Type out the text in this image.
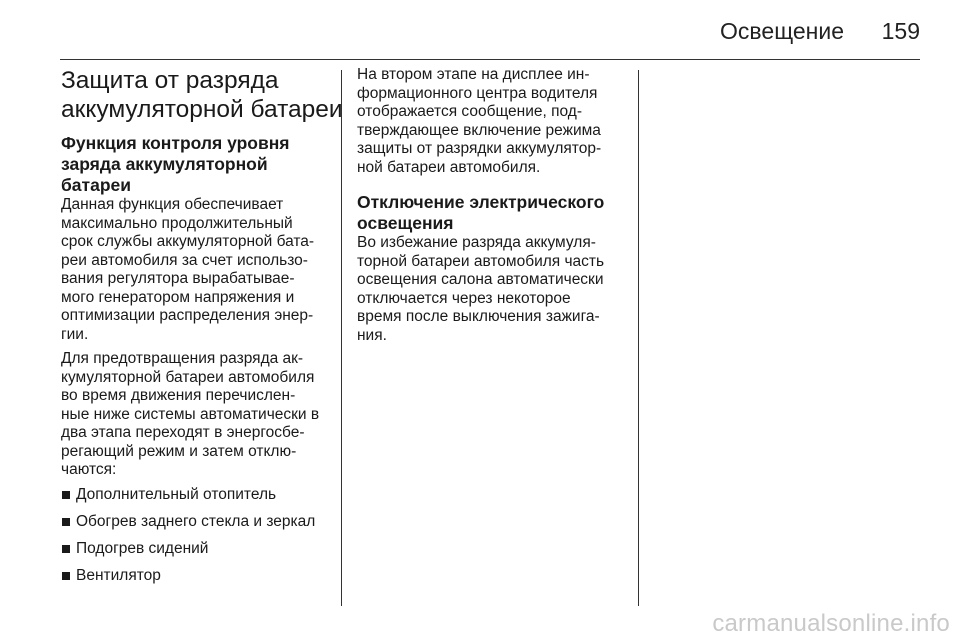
Освещение 159
Защита от разряда
аккумуляторной батареи
Функция контроля уровня
заряда аккумуляторной
батареи
Данная функция обеспечивает
максимально продолжительный
срок службы аккумуляторной бата-
реи автомобиля за счет использо-
вания регулятора вырабатывае-
мого генератором напряжения и
оптимизации распределения энер-
гии.
Для предотвращения разряда ак-
кумуляторной батареи автомобиля
во время движения перечислен-
ные ниже системы автоматически в
два этапа переходят в энергосбе-
регающий режим и затем отклю-
чаются:
Дополнительный отопитель
Обогрев заднего стекла и зеркал
Подогрев сидений
Вентилятор
На втором этапе на дисплее ин-
формационного центра водителя
отображается сообщение, под-
тверждающее включение режима
защиты от разрядки аккумулятор-
ной батареи автомобиля.
Отключение электрического
освещения
Во избежание разряда аккумуля-
торной батареи автомобиля часть
освещения салона автоматически
отключается через некоторое
время после выключения зажига-
ния.
carmanualsonline.info
